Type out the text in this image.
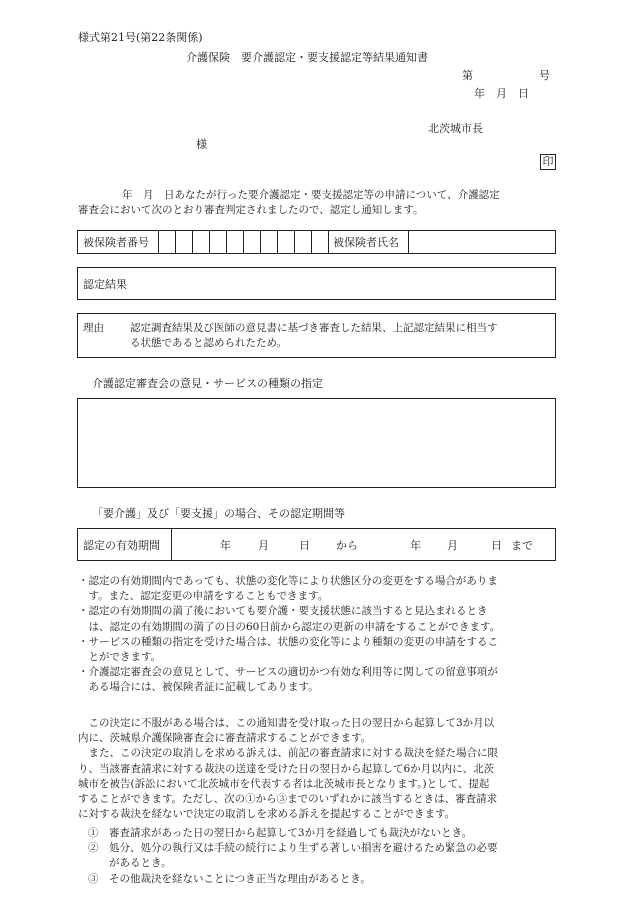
様式第21号(第22条関係)
介護保険　要介護認定・要支援認定等結果通知書
第　　　　　　号
年　月　日
北茨城市長
様
印
年　月　日あなたが行った要介護認定・要支援認定等の申請について、介護認定
審査会において次のとおり審査判定されましたので、認定し通知します。
被保険者番号	被保険者氏名
認定結果
理由 認定調査結果及び医師の意見書に基づき審査した結果、上記認定結果に相当す
る状態であると認められたため。
介護認定審査会の意見・サービスの種類の指定
「要介護」及び「要支援」の場合、その認定期間等
認定の有効期間	年 月	日 から	年 月	日 まで
・認定の有効期間内であっても、状態の変化等により状態区分の変更をする場合がありま
　す。また、認定変更の申請をすることもできます。
・認定の有効期間の満了後においても要介護・要支援状態に該当すると見込まれるとき
　は、認定の有効期間の満了の日の60日前から認定の更新の申請をすることができます。
・サービスの種類の指定を受けた場合は、状態の変化等により種類の変更の申請をするこ
　とができます。
・介護認定審査会の意見として、サービスの適切かつ有効な利用等に関しての留意事項が
　ある場合には、被保険者証に記載してあります。
　この決定に不服がある場合は、この通知書を受け取った日の翌日から起算して3か月以
内に、茨城県介護保険審査会に審査請求することができます。
　また、この決定の取消しを求める訴えは、前記の審査請求に対する裁決を経た場合に限
り、当該審査請求に対する裁決の送達を受けた日の翌日から起算して6か月以内に、北茨
城市を被告(訴訟において北茨城市を代表する者は北茨城市長となります。)として、提起
することができます。ただし、次の①から③までのいずれかに該当するときは、審査請求
に対する裁決を経ないで決定の取消しを求める訴えを提起することができます。
①　審査請求があった日の翌日から起算して3か月を経過しても裁決がないとき。
②　処分、処分の執行又は手続の続行により生ずる著しい損害を避けるため緊急の必要
　　があるとき。
③　その他裁決を経ないことにつき正当な理由があるとき。
